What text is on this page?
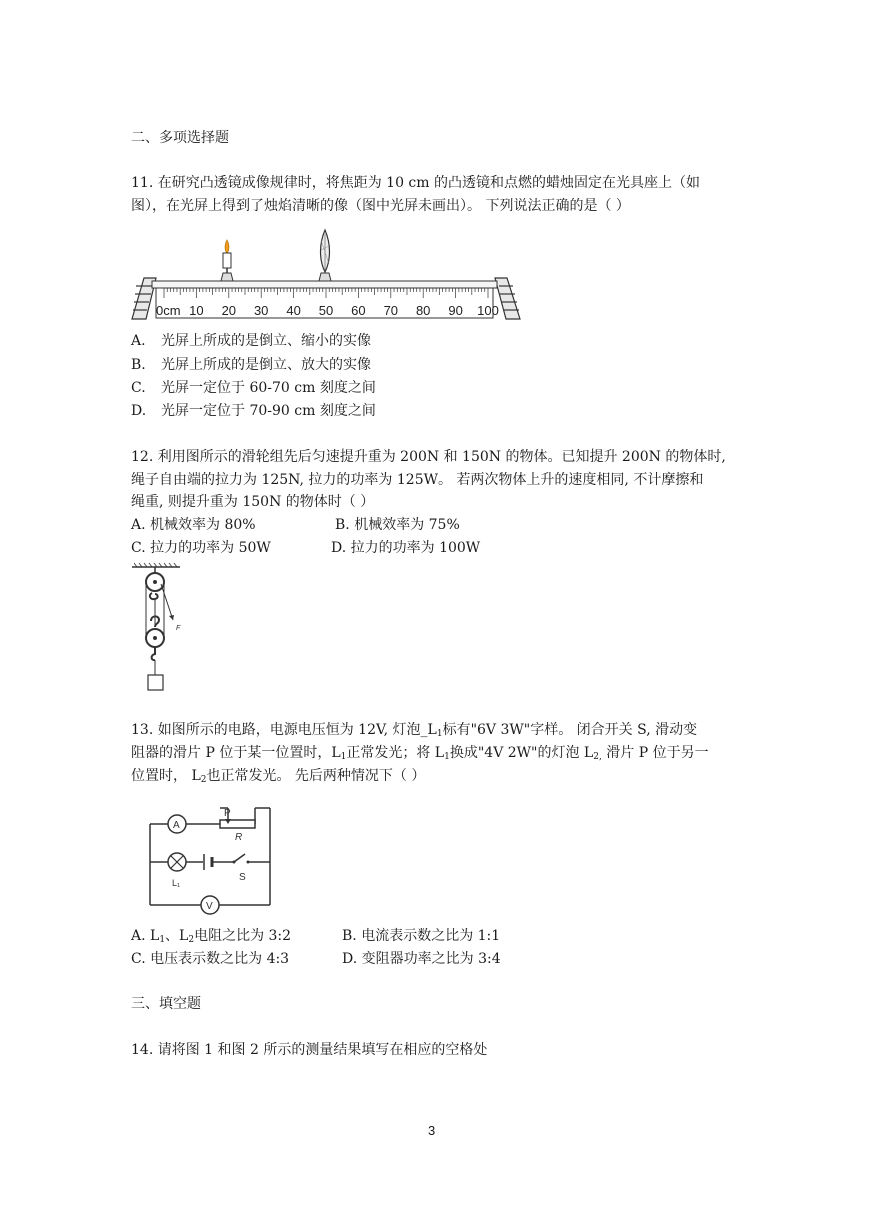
二、多项选择题
11. 在研究凸透镜成像规律时，将焦距为 10 cm 的凸透镜和点燃的蜡烛固定在光具座上（如
图），在光屏上得到了烛焰清晰的像（图中光屏未画出）。 下列说法正确的是（ ）
0cm 10 20 30 40 50 60 70 80 90 100
A. 光屏上所成的是倒立、缩小的实像
B. 光屏上所成的是倒立、放大的实像
C. 光屏一定位于 60-70 cm 刻度之间
D. 光屏一定位于 70-90 cm 刻度之间
12. 利用图所示的滑轮组先后匀速提升重为 200N 和 150N 的物体。已知提升 200N 的物体时,
绳子自由端的拉力为 125N, 拉力的功率为 125W。 若两次物体上升的速度相同, 不计摩擦和
绳重, 则提升重为 150N 的物体时（ ）
A. 机械效率为 80%	B. 机械效率为 75%
C. 拉力的功率为 50W	D. 拉力的功率为 100W
F
13. 如图所示的电路，电源电压恒为 12V, 灯泡$\_L_1$标有"6V 3W"字样。 闭合开关 S, 滑动变
阻器的滑片 P 位于某一位置时，$L_1$正常发光；将 $L_1$换成"4V 2W"的灯泡 $L_{2,}$ 滑片 P 位于另一
位置时， $L_2$也正常发光。 先后两种情况下（ ）
P
R
A
L₁	S
V
A. $L_1$、$L_2$电阻之比为 3:2	B. 电流表示数之比为 1:1
C. 电压表示数之比为 4:3	D. 变阻器功率之比为 3:4
三、填空题
14. 请将图 1 和图 2 所示的测量结果填写在相应的空格处
3
